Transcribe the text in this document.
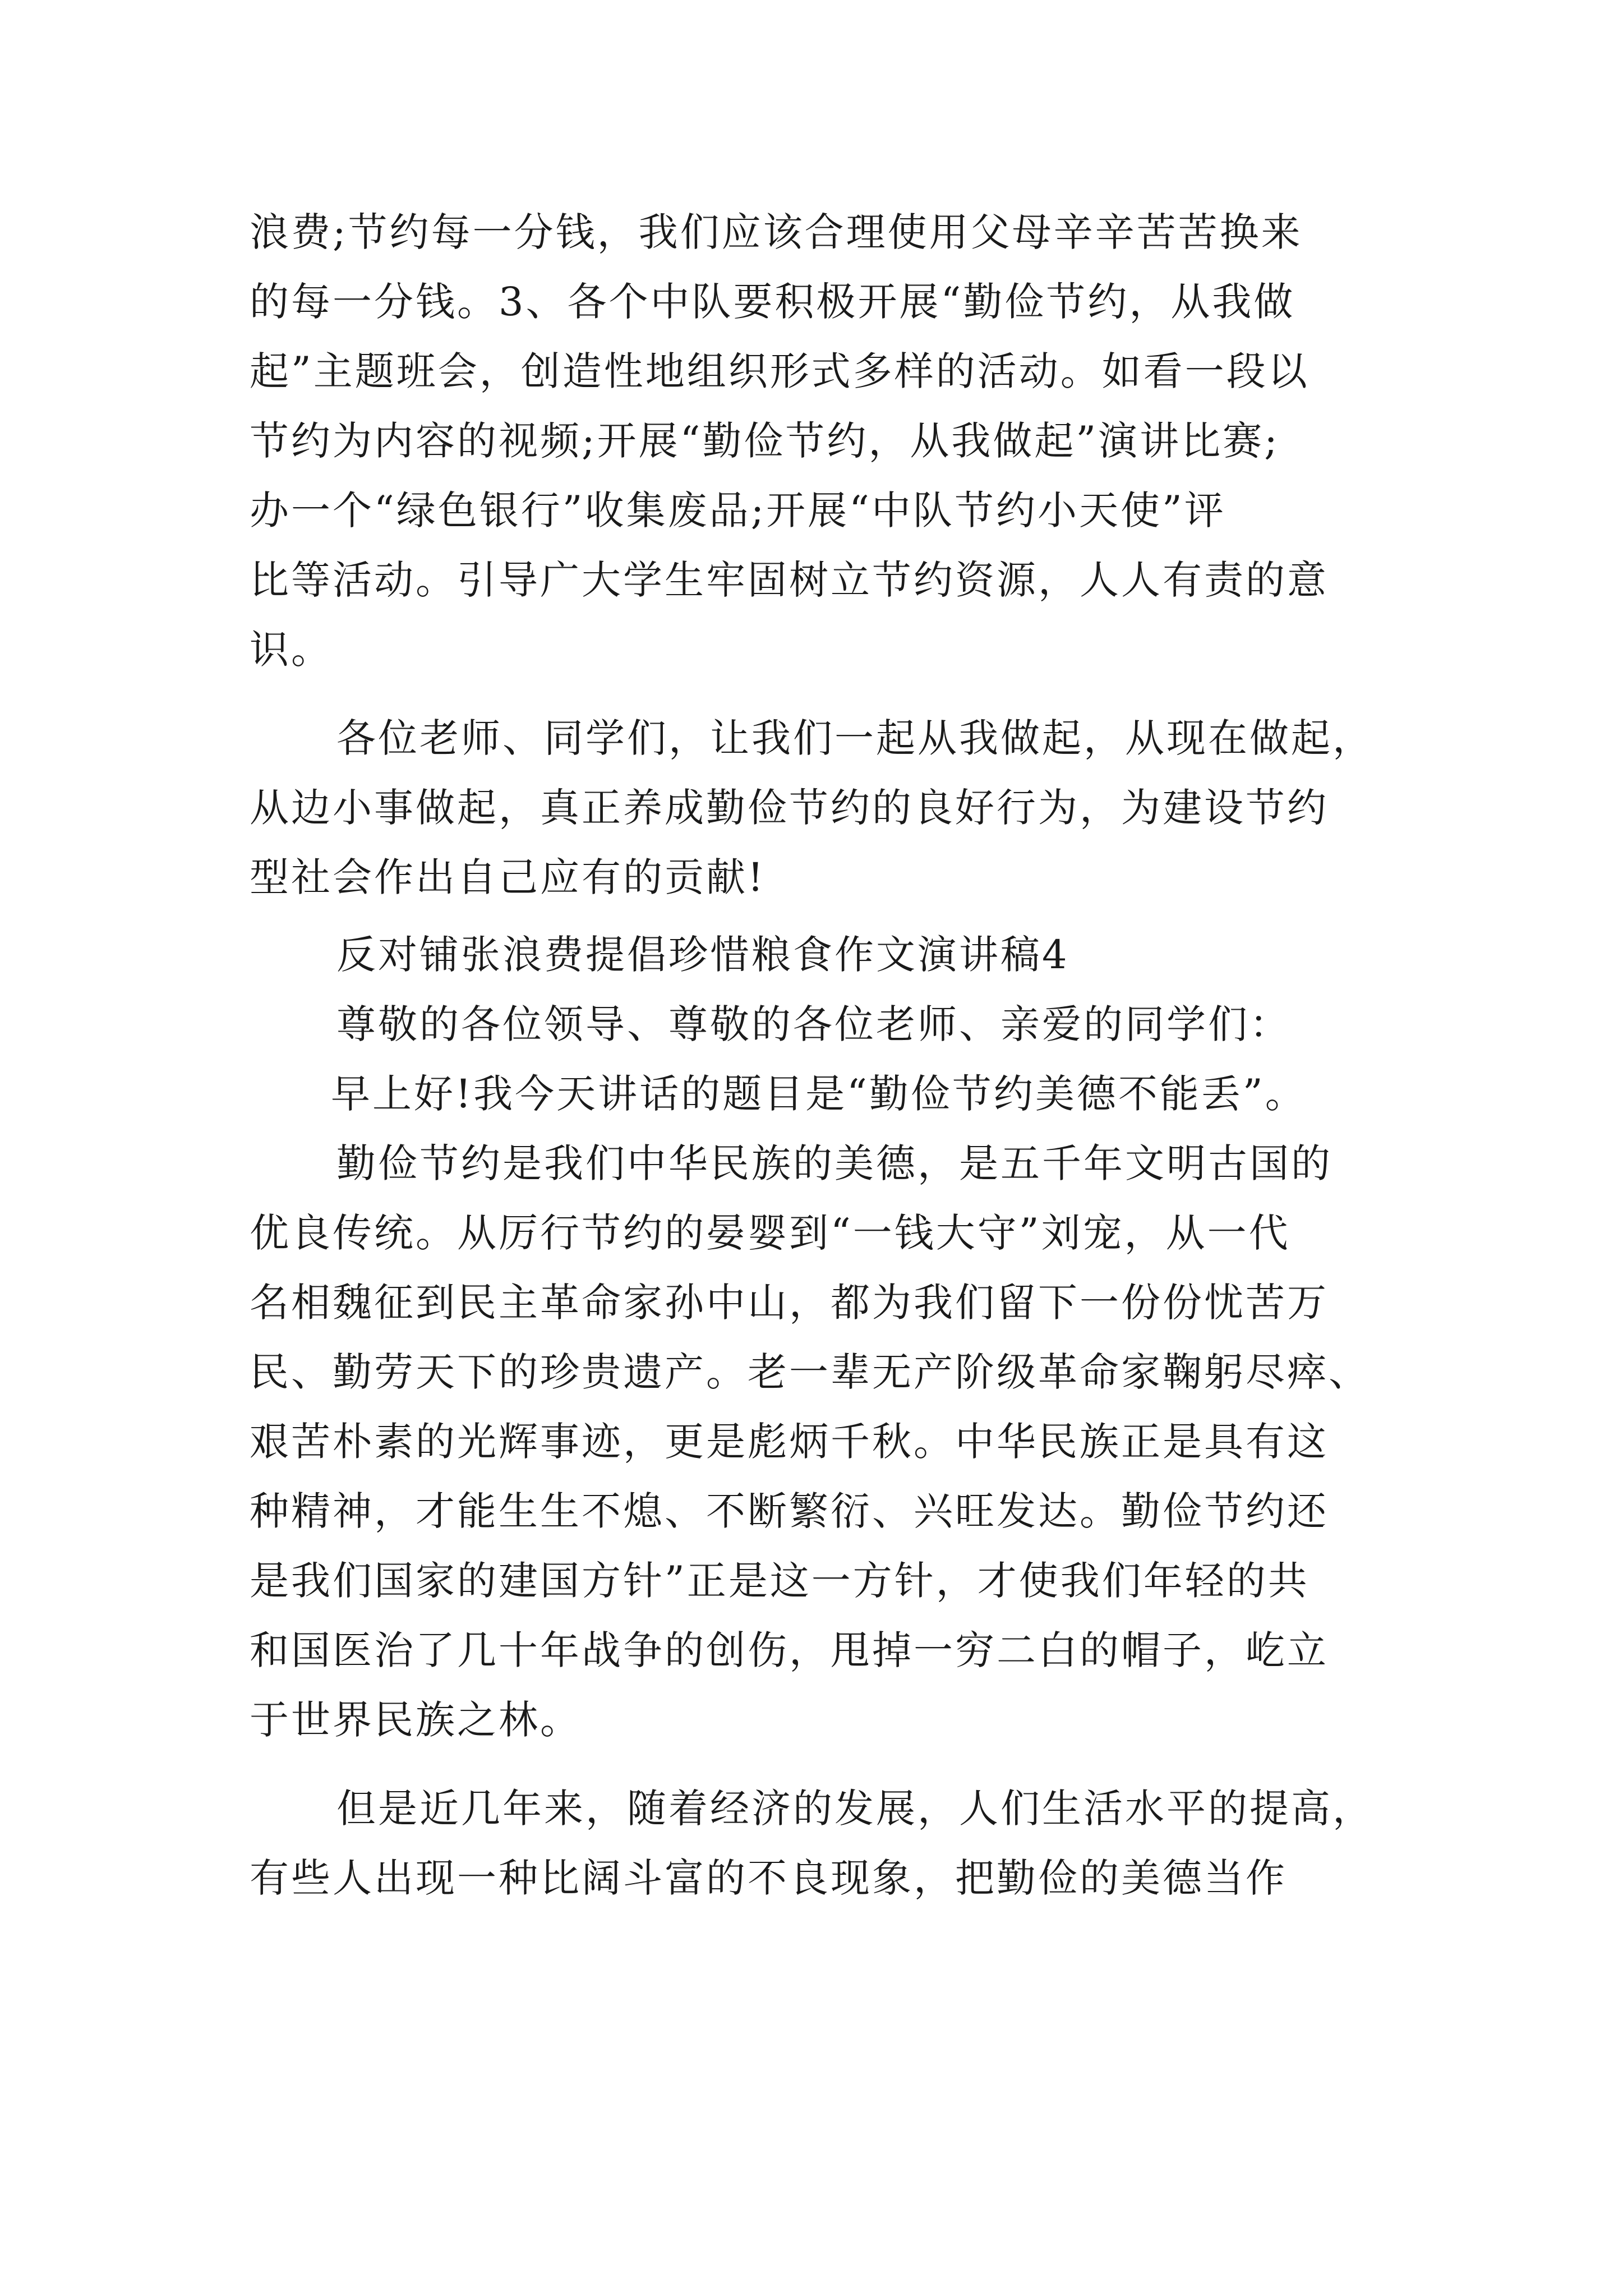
浪费;节约每一分钱，我们应该合理使用父母辛辛苦苦换来
的每一分钱。3、各个中队要积极开展“勤俭节约，从我做
起”主题班会，创造性地组织形式多样的活动。如看一段以
节约为内容的视频;开展“勤俭节约，从我做起”演讲比赛;
办一个“绿色银行”收集废品;开展“中队节约小天使”评
比等活动。引导广大学生牢固树立节约资源，人人有责的意
识。
各位老师、同学们，让我们一起从我做起，从现在做起，
从边小事做起，真正养成勤俭节约的良好行为，为建设节约
型社会作出自己应有的贡献!
反对铺张浪费提倡珍惜粮食作文演讲稿4
尊敬的各位领导、尊敬的各位老师、亲爱的同学们：
早上好!我今天讲话的题目是“勤俭节约美德不能丢”。
勤俭节约是我们中华民族的美德，是五千年文明古国的
优良传统。从厉行节约的晏婴到“一钱大守”刘宠，从一代
名相魏征到民主革命家孙中山，都为我们留下一份份忧苦万
民、勤劳天下的珍贵遗产。老一辈无产阶级革命家鞠躬尽瘁、
艰苦朴素的光辉事迹，更是彪炳千秋。中华民族正是具有这
种精神，才能生生不熄、不断繁衍、兴旺发达。勤俭节约还
是我们国家的建国方针”正是这一方针，才使我们年轻的共
和国医治了几十年战争的创伤，甩掉一穷二白的帽子，屹立
于世界民族之林。
但是近几年来，随着经济的发展，人们生活水平的提高，
有些人出现一种比阔斗富的不良现象，把勤俭的美德当作
